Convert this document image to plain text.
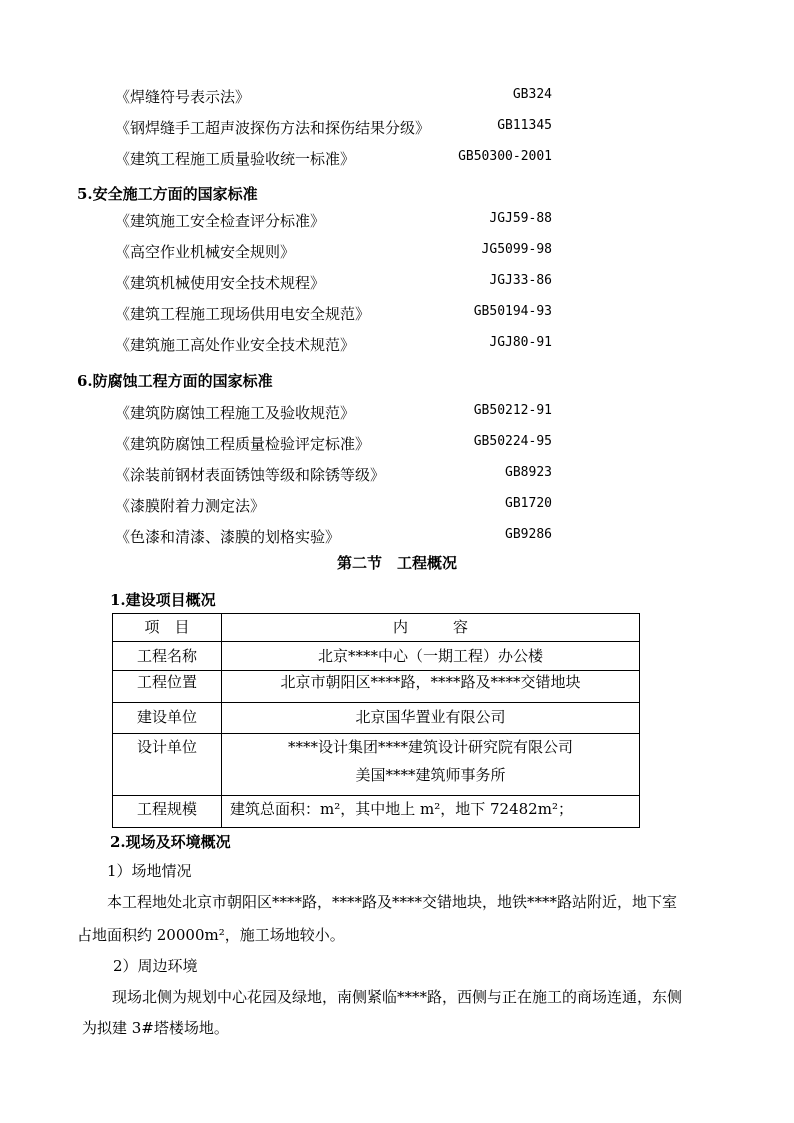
《焊缝符号表示法》	GB324
《钢焊缝手工超声波探伤方法和探伤结果分级》	GB11345
《建筑工程施工质量验收统一标准》	GB50300-2001
5.安全施工方面的国家标准
《建筑施工安全检查评分标准》	JGJ59-88
《高空作业机械安全规则》	JG5099-98
《建筑机械使用安全技术规程》	JGJ33-86
《建筑工程施工现场供用电安全规范》	GB50194-93
《建筑施工高处作业安全技术规范》	JGJ80-91
6.防腐蚀工程方面的国家标准
《建筑防腐蚀工程施工及验收规范》	GB50212-91
《建筑防腐蚀工程质量检验评定标准》	GB50224-95
《涂装前钢材表面锈蚀等级和除锈等级》	GB8923
《漆膜附着力测定法》	GB1720
《色漆和清漆、漆膜的划格实验》	GB9286
第二节　工程概况
1.建设项目概况
项　目	内　　　容
工程名称	北京****中心（一期工程）办公楼
工程位置	北京市朝阳区****路，****路及****交错地块
建设单位	北京国华置业有限公司
设计单位	****设计集团****建筑设计研究院有限公司
美国****建筑师事务所

工程规模	建筑总面积：m²，其中地上 m²，地下 72482m²；
2.现场及环境概况
1）场地情况
本工程地处北京市朝阳区****路，****路及****交错地块，地铁****路站附近，地下室
占地面积约 20000m²，施工场地较小。
2）周边环境
现场北侧为规划中心花园及绿地，南侧紧临****路，西侧与正在施工的商场连通，东侧
为拟建 3#塔楼场地。
